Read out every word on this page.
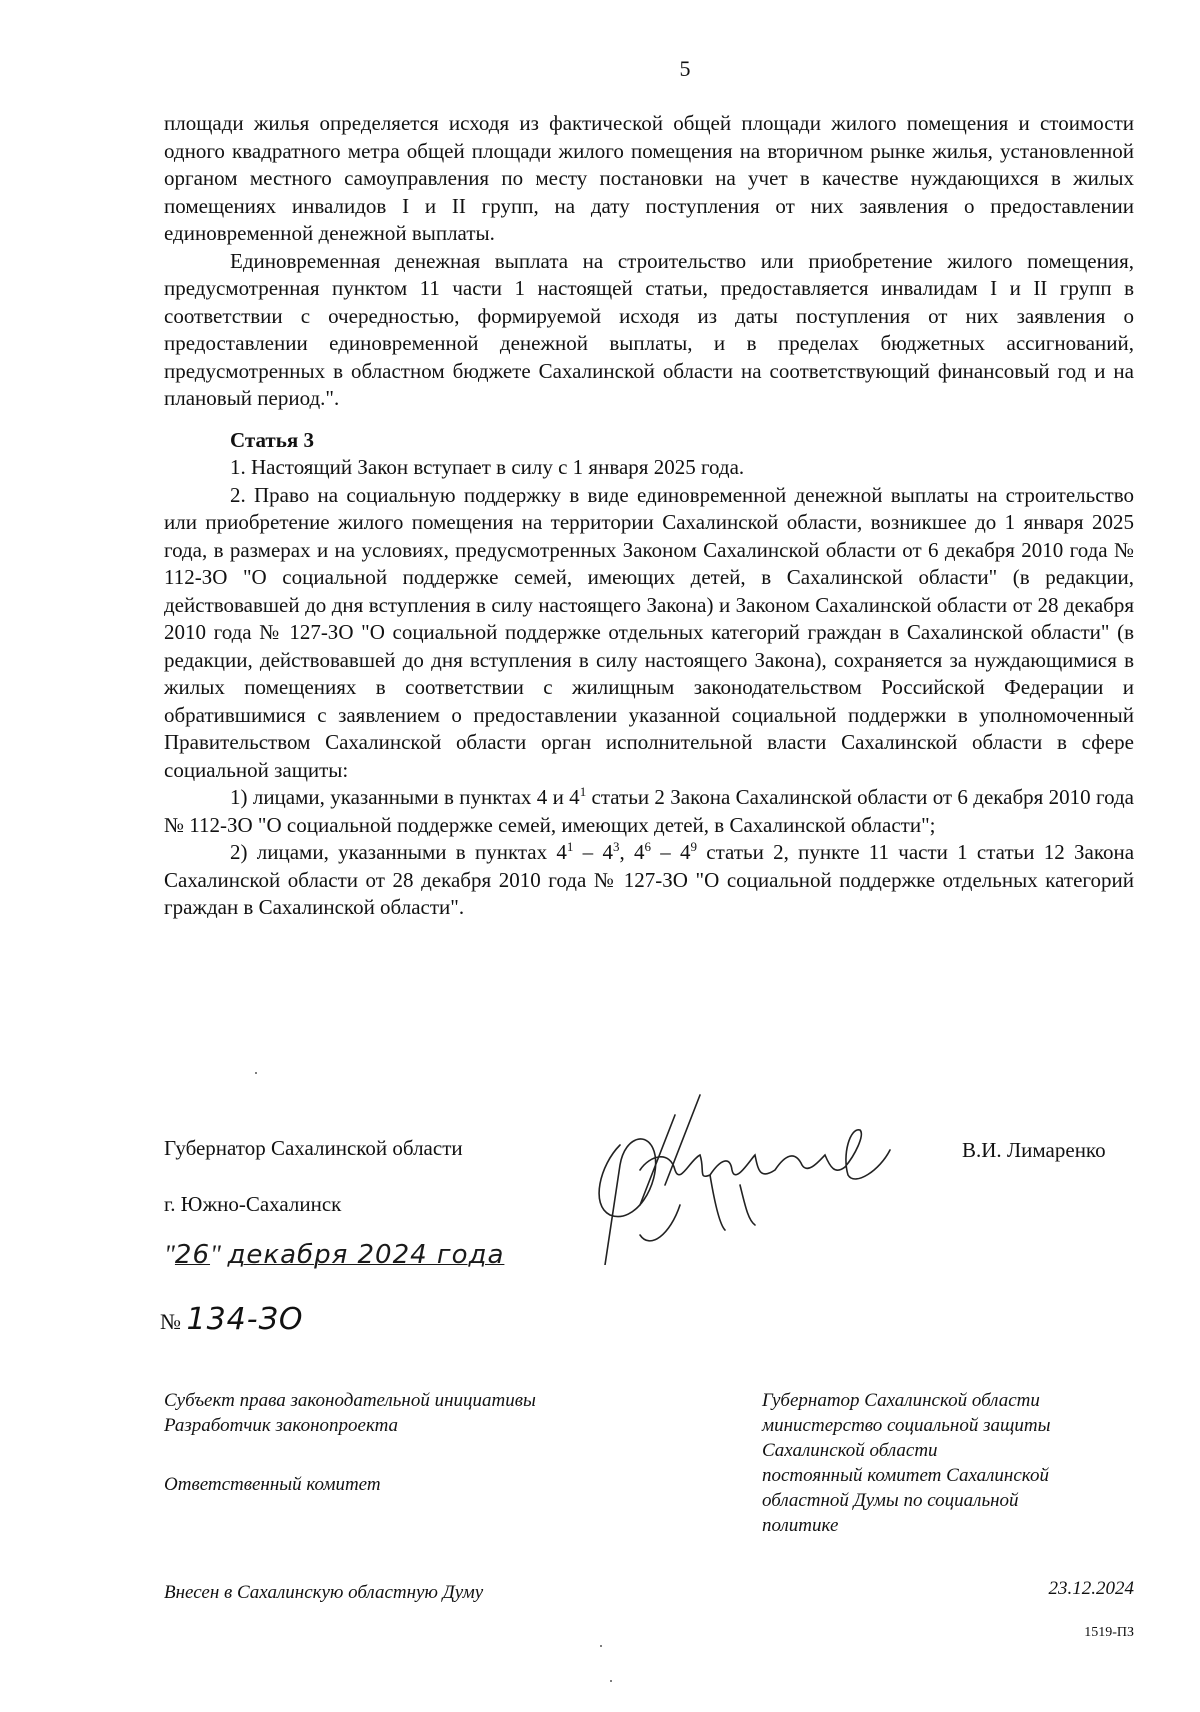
5

площади жилья определяется исходя из фактической общей площади жилого помещения и стоимости одного квадратного метра общей площади жилого помещения на вторичном рынке жилья, установленной органом местного самоуправления по месту постановки на учет в качестве нуждающихся в жилых помещениях инвалидов I и II групп, на дату поступления от них заявления о предоставлении единовременной денежной выплаты.

Единовременная денежная выплата на строительство или приобретение жилого помещения, предусмотренная пунктом 11 части 1 настоящей статьи, предоставляется инвалидам I и II групп в соответствии с очередностью, формируемой исходя из даты поступления от них заявления о предоставлении единовременной денежной выплаты, и в пределах бюджетных ассигнований, предусмотренных в областном бюджете Сахалинской области на соответствующий финансовый год и на плановый период.".

Статья 3

1. Настоящий Закон вступает в силу с 1 января 2025 года.

2. Право на социальную поддержку в виде единовременной денежной выплаты на строительство или приобретение жилого помещения на территории Сахалинской области, возникшее до 1 января 2025 года, в размерах и на условиях, предусмотренных Законом Сахалинской области от 6 декабря 2010 года № 112-ЗО "О социальной поддержке семей, имеющих детей, в Сахалинской области" (в редакции, действовавшей до дня вступления в силу настоящего Закона) и Законом Сахалинской области от 28 декабря 2010 года № 127-ЗО "О социальной поддержке отдельных категорий граждан в Сахалинской области" (в редакции, действовавшей до дня вступления в силу настоящего Закона), сохраняется за нуждающимися в жилых помещениях в соответствии с жилищным законодательством Российской Федерации и обратившимися с заявлением о предоставлении указанной социальной поддержки в уполномоченный Правительством Сахалинской области орган исполнительной власти Сахалинской области в сфере социальной защиты:

1) лицами, указанными в пунктах 4 и $4^1$ статьи 2 Закона Сахалинской области от 6 декабря 2010 года № 112-ЗО "О социальной поддержке семей, имеющих детей, в Сахалинской области";

2) лицами, указанными в пунктах $4^1 - 4^3$, $4^6 - 4^9$ статьи 2, пункте 11 части 1 статьи 12 Закона Сахалинской области от 28 декабря 2010 года № 127-ЗО "О социальной поддержке отдельных категорий граждан в Сахалинской области".

Губернатор Сахалинской области	В.И. Лимаренко
г. Южно-Сахалинск
"26" декабря 2024 года
№ 134-ЗО
Субъект права законодательной инициативы
Разработчик законопроекта
Ответственный комитет
Внесен в Сахалинскую областную Думу
Губернатор Сахалинской области
министерство социальной защиты
Сахалинской области
постоянный комитет Сахалинской
областной Думы по социальной
политике
23.12.2024
1519-ПЗ
